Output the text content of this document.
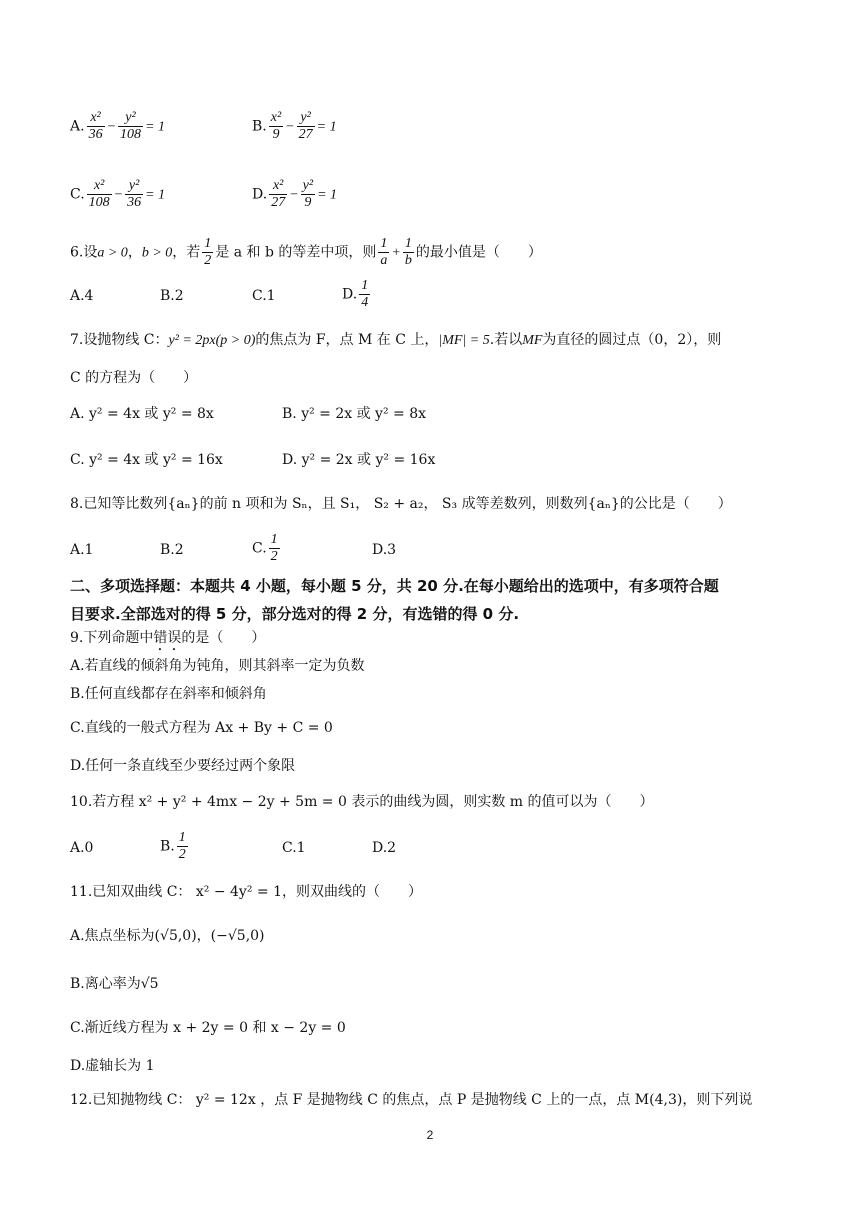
A. $\frac{\text{x²}}{36} - \frac{\text{y²}}{108} = 1$	B. $\frac{\text{x²}}{9} - \frac{\text{y²}}{27} = 1$
C. $\frac{\text{x²}}{108} - \frac{\text{y²}}{36} = 1$	D. $\frac{\text{x²}}{27} - \frac{\text{y²}}{9} = 1$
6.设a > 0，b > 0，若 $\frac{1}{2}$ 是 a 和 b 的等差中项，则 $\frac{1}{a} + \frac{1}{b}$ 的最小值是（　　）
A.4	B.2	C.1	D. $\frac{1}{4}$
7.设抛物线 C：y² = 2px(p > 0)的焦点为 F，点 M 在 C 上，|MF| = 5.若以MF为直径的圆过点（0，2），则
C 的方程为（　　）
A. y² = 4x 或 y² = 8x	B. y² = 2x 或 y² = 8x
C. y² = 4x 或 y² = 16x	D. y² = 2x 或 y² = 16x
8.已知等比数列{aₙ}的前 n 项和为 Sₙ，且 S₁， S₂ + a₂， S₃ 成等差数列，则数列{aₙ}的公比是（　　）
A.1	B.2	C. $\frac{1}{2}$	D.3
二、多项选择题：本题共 4 小题，每小题 5 分，共 20 分.在每小题给出的选项中，有多项符合题
目要求.全部选对的得 5 分，部分选对的得 2 分，有选错的得 0 分.
9.下列命题中错误的是（　　）
A.若直线的倾斜角为钝角，则其斜率一定为负数
B.任何直线都存在斜率和倾斜角
C.直线的一般式方程为 Ax + By + C = 0
D.任何一条直线至少要经过两个象限
10.若方程 x² + y² + 4mx − 2y + 5m = 0 表示的曲线为圆，则实数 m 的值可以为（　　）
A.0	B. $\frac{1}{2}$	C.1	D.2
11.已知双曲线 C： x² − 4y² = 1，则双曲线的（　　）
A.焦点坐标为(√5,0)，(−√5,0)
B.离心率为√5
C.渐近线方程为 x + 2y = 0 和 x − 2y = 0
D.虚轴长为 1
12.已知抛物线 C： y² = 12x ，点 F 是抛物线 C 的焦点，点 P 是抛物线 C 上的一点，点 M(4,3)，则下列说
2
